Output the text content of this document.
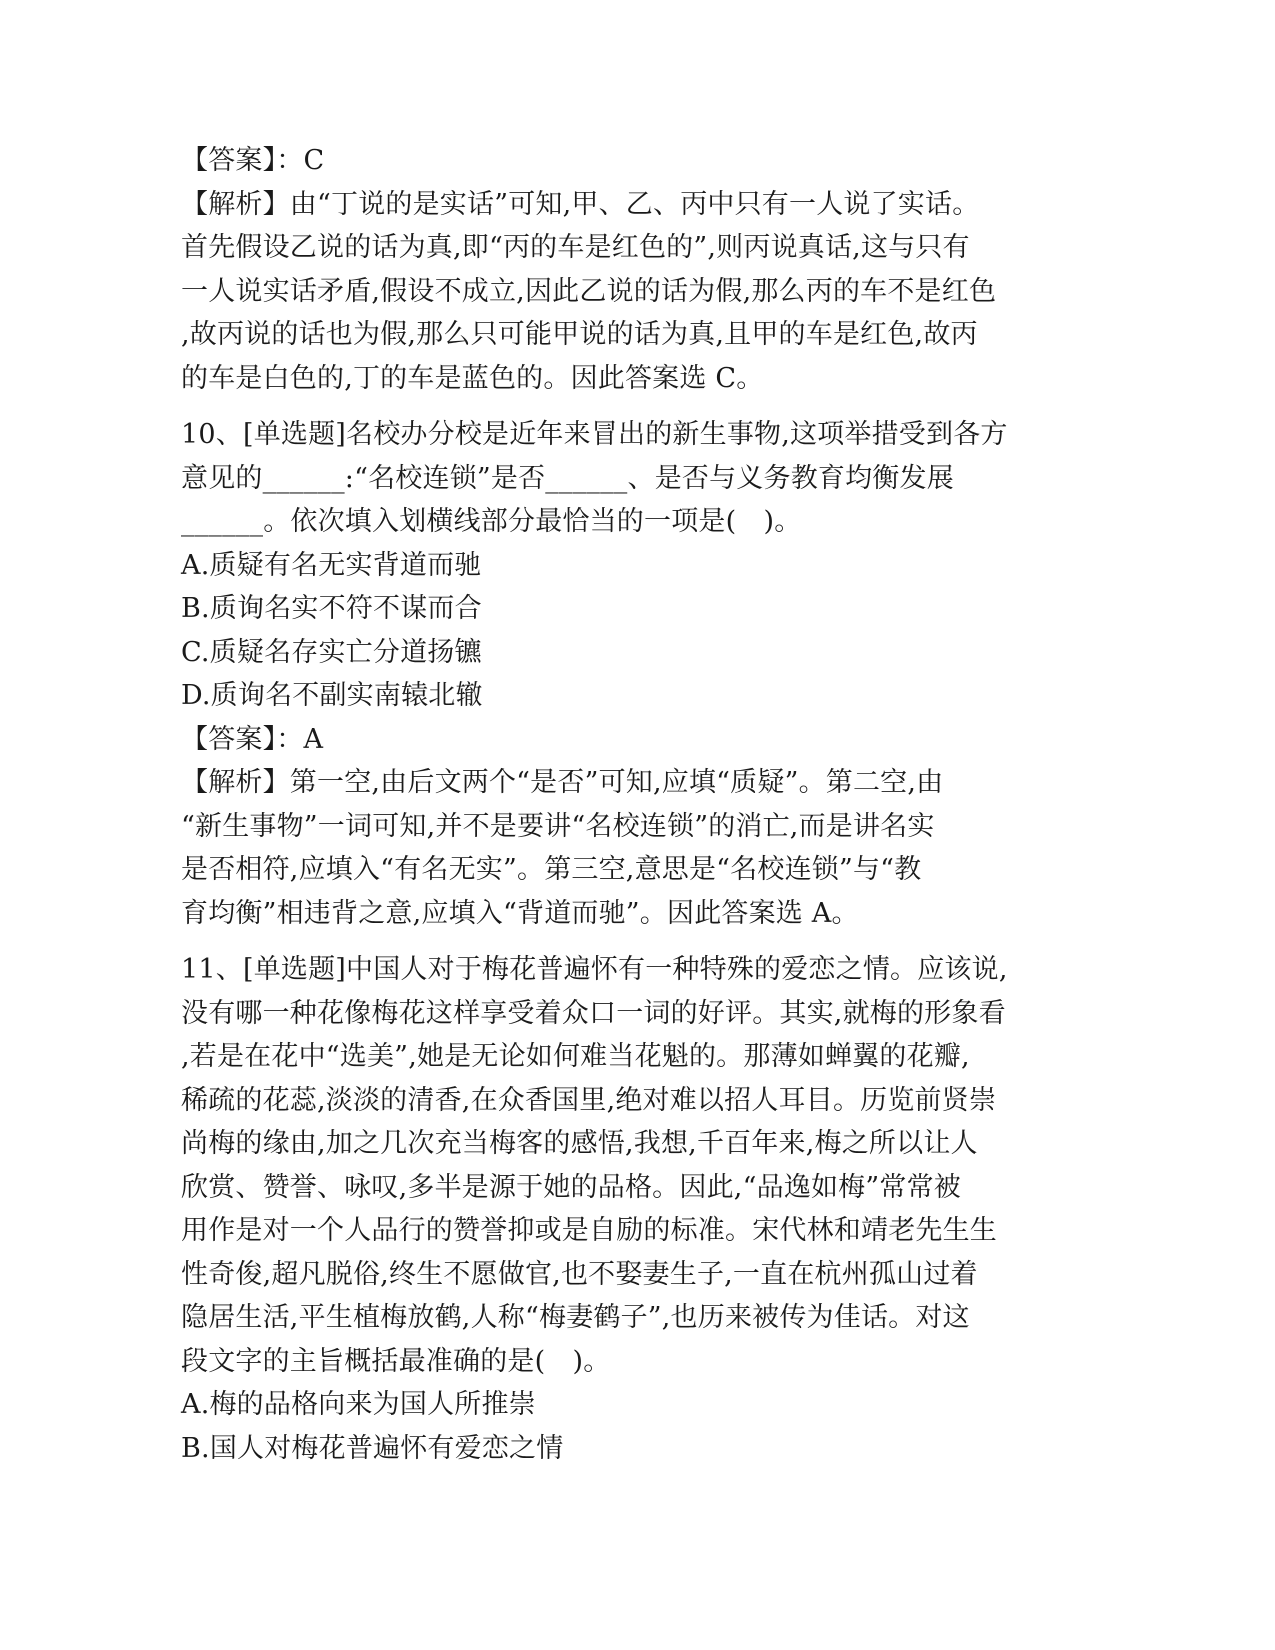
【答案】：C
【解析】由“丁说的是实话”可知,甲、乙、丙中只有一人说了实话。
首先假设乙说的话为真,即“丙的车是红色的”,则丙说真话,这与只有
一人说实话矛盾,假设不成立,因此乙说的话为假,那么丙的车不是红色
,故丙说的话也为假,那么只可能甲说的话为真,且甲的车是红色,故丙
的车是白色的,丁的车是蓝色的。因此答案选 C。
10、[单选题]名校办分校是近年来冒出的新生事物,这项举措受到各方
意见的______:“名校连锁”是否______、是否与义务教育均衡发展
______。依次填入划横线部分最恰当的一项是(　)。
A.质疑有名无实背道而驰
B.质询名实不符不谋而合
C.质疑名存实亡分道扬镳
D.质询名不副实南辕北辙
【答案】：A
【解析】第一空,由后文两个“是否”可知,应填“质疑”。第二空,由
“新生事物”一词可知,并不是要讲“名校连锁”的消亡,而是讲名实
是否相符,应填入“有名无实”。第三空,意思是“名校连锁”与“教
育均衡”相违背之意,应填入“背道而驰”。因此答案选 A。
11、[单选题]中国人对于梅花普遍怀有一种特殊的爱恋之情。应该说,
没有哪一种花像梅花这样享受着众口一词的好评。其实,就梅的形象看
,若是在花中“选美”,她是无论如何难当花魁的。那薄如蝉翼的花瓣,
稀疏的花蕊,淡淡的清香,在众香国里,绝对难以招人耳目。历览前贤崇
尚梅的缘由,加之几次充当梅客的感悟,我想,千百年来,梅之所以让人
欣赏、赞誉、咏叹,多半是源于她的品格。因此,“品逸如梅”常常被
用作是对一个人品行的赞誉抑或是自励的标准。宋代林和靖老先生生
性奇俊,超凡脱俗,终生不愿做官,也不娶妻生子,一直在杭州孤山过着
隐居生活,平生植梅放鹤,人称“梅妻鹤子”,也历来被传为佳话。对这
段文字的主旨概括最准确的是(　)。
A.梅的品格向来为国人所推崇
B.国人对梅花普遍怀有爱恋之情
